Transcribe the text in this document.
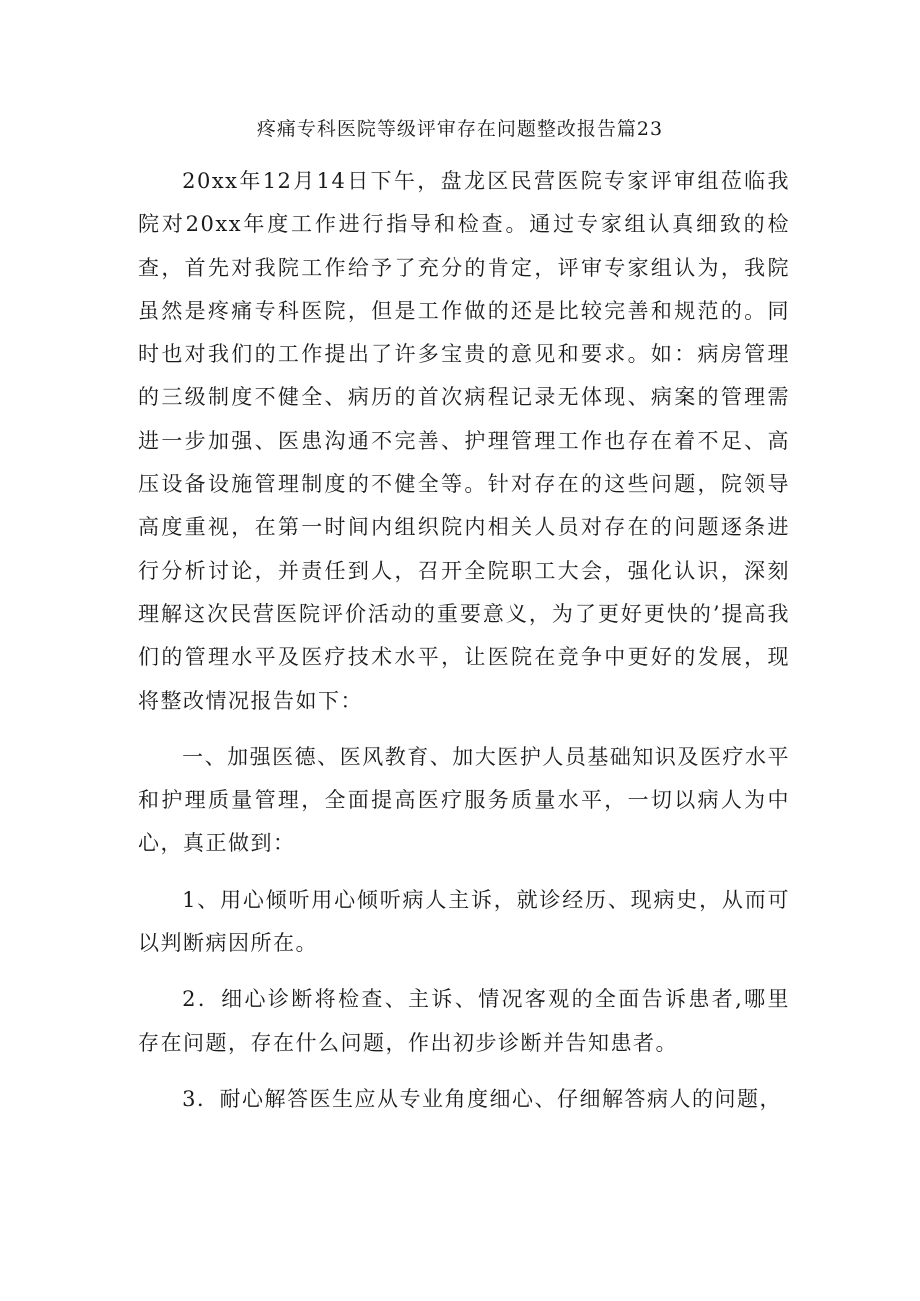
疼痛专科医院等级评审存在问题整改报告篇23

20xx年12月14日下午，盘龙区民营医院专家评审组莅临我院对20xx年度工作进行指导和检查。通过专家组认真细致的检查，首先对我院工作给予了充分的肯定，评审专家组认为，我院虽然是疼痛专科医院，但是工作做的还是比较完善和规范的。同时也对我们的工作提出了许多宝贵的意见和要求。如：病房管理的三级制度不健全、病历的首次病程记录无体现、病案的管理需进一步加强、医患沟通不完善、护理管理工作也存在着不足、高压设备设施管理制度的不健全等。针对存在的这些问题，院领导高度重视，在第一时间内组织院内相关人员对存在的问题逐条进行分析讨论，并责任到人，召开全院职工大会，强化认识，深刻理解这次民营医院评价活动的重要意义，为了更好更快的’提高我们的管理水平及医疗技术水平，让医院在竞争中更好的发展，现将整改情况报告如下：

一、加强医德、医风教育、加大医护人员基础知识及医疗水平和护理质量管理，全面提高医疗服务质量水平，一切以病人为中心，真正做到：

1、用心倾听用心倾听病人主诉，就诊经历、现病史，从而可以判断病因所在。

2．细心诊断将检查、主诉、情况客观的全面告诉患者,哪里存在问题，存在什么问题，作出初步诊断并告知患者。

3．耐心解答医生应从专业角度细心、仔细解答病人的问题，
